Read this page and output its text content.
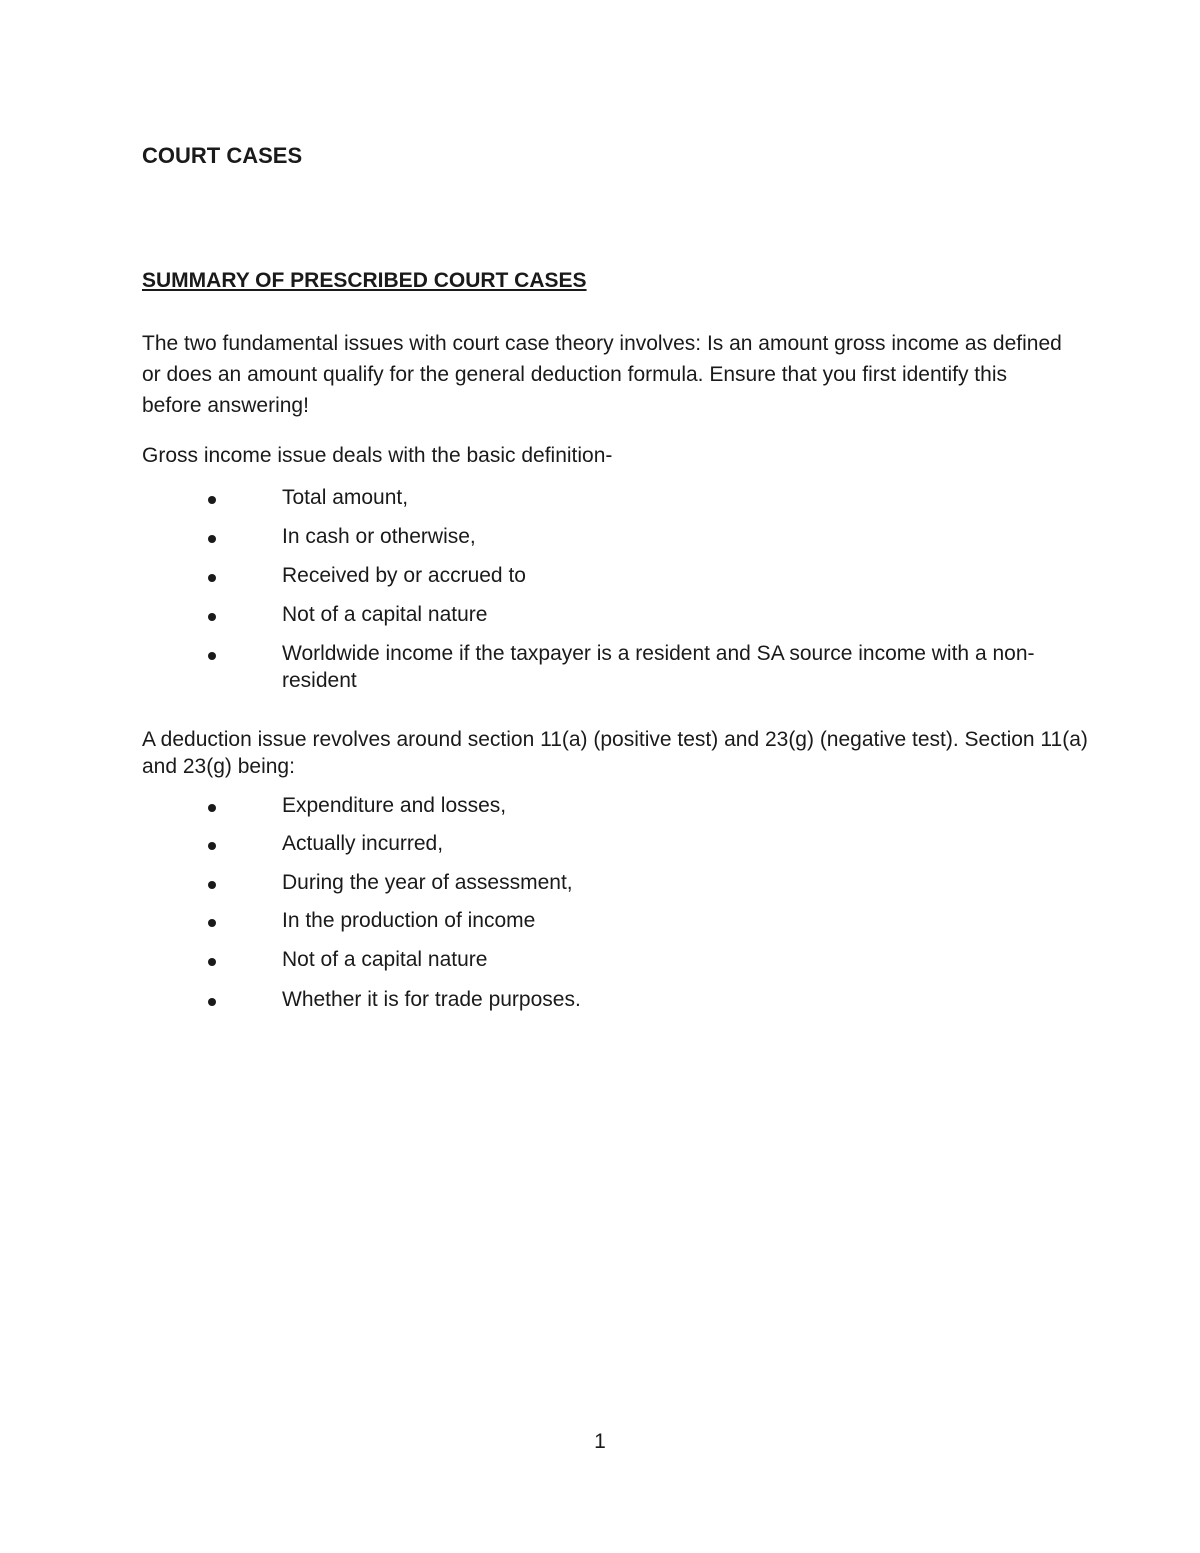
COURT CASES
SUMMARY OF PRESCRIBED COURT CASES

The two fundamental issues with court case theory involves: Is an amount gross income as defined or does an amount qualify for the general deduction formula. Ensure that you first identify this before answering!

Gross income issue deals with the basic definition-

Total amount,
In cash or otherwise,
Received by or accrued to
Not of a capital nature
Worldwide income if the taxpayer is a resident and SA source income with a non-resident

A deduction issue revolves around section 11(a) (positive test) and 23(g) (negative test). Section 11(a) and 23(g) being:

Expenditure and losses,
Actually incurred,
During the year of assessment,
In the production of income
Not of a capital nature
Whether it is for trade purposes.

1
